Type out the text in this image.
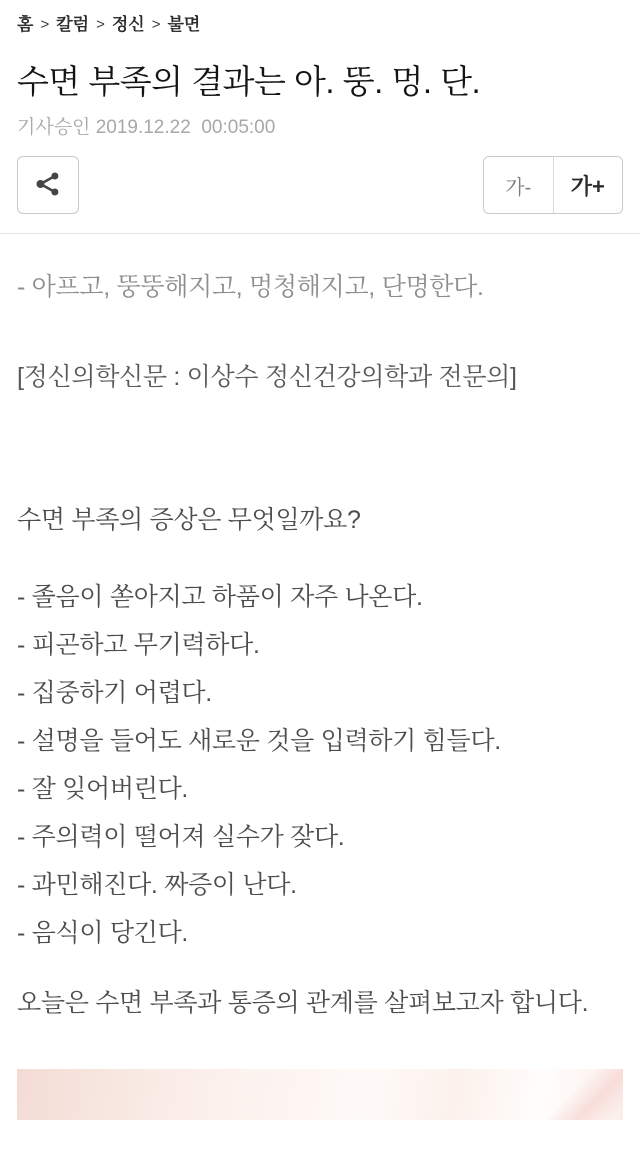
홈 > 칼럼 > 정신 > 불면
수면 부족의 결과는 아. 뚱. 멍. 단.
기사승인 2019.12.22  00:05:00
가-	가+

- 아프고, 뚱뚱해지고, 멍청해지고, 단명한다.

[정신의학신문 : 이상수 정신건강의학과 전문의]

수면 부족의 증상은 무엇일까요?

- 졸음이 쏟아지고 하품이 자주 나온다.
- 피곤하고 무기력하다.
- 집중하기 어렵다.
- 설명을 들어도 새로운 것을 입력하기 힘들다.
- 잘 잊어버린다.
- 주의력이 떨어져 실수가 잦다.
- 과민해진다. 짜증이 난다.
- 음식이 당긴다.

오늘은 수면 부족과 통증의 관계를 살펴보고자 합니다.
